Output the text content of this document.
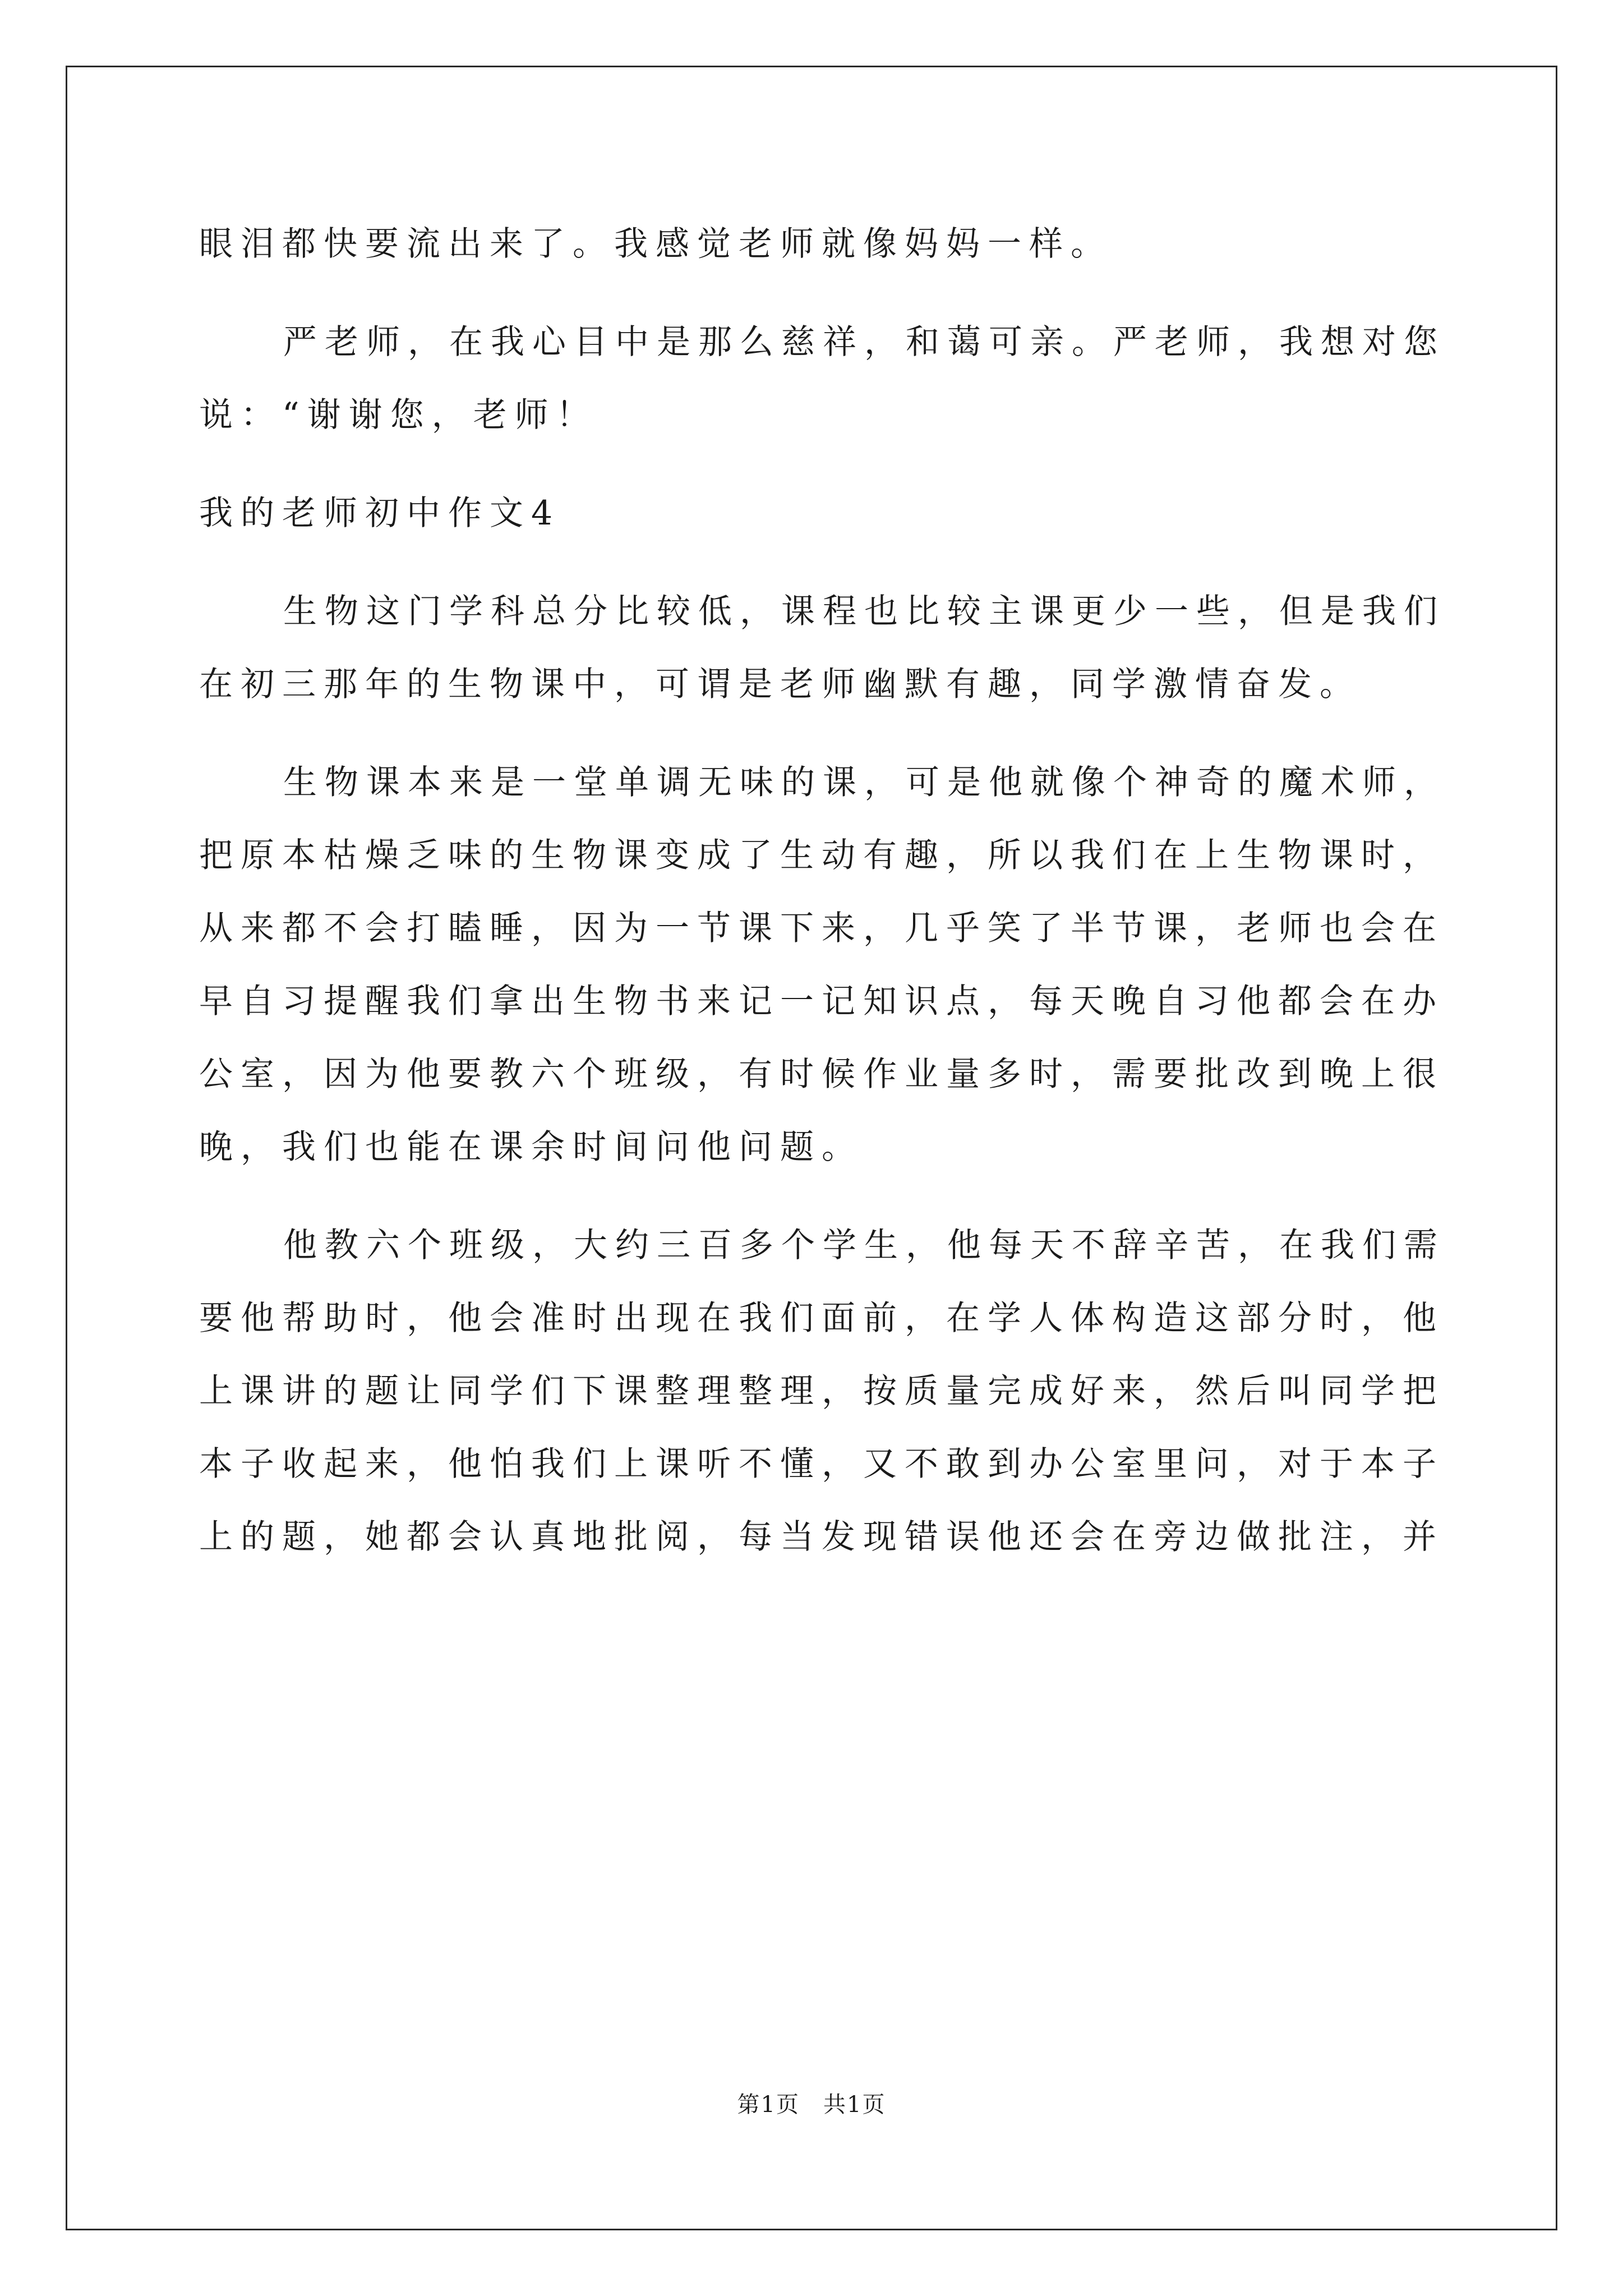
眼泪都快要流出来了。我感觉老师就像妈妈一样。
严老师，在我心目中是那么慈祥，和蔼可亲。严老师，我想对您
说：“谢谢您，老师！
我的老师初中作文4
生物这门学科总分比较低，课程也比较主课更少一些，但是我们
在初三那年的生物课中，可谓是老师幽默有趣，同学激情奋发。
生物课本来是一堂单调无味的课，可是他就像个神奇的魔术师，
把原本枯燥乏味的生物课变成了生动有趣，所以我们在上生物课时，
从来都不会打瞌睡，因为一节课下来，几乎笑了半节课，老师也会在
早自习提醒我们拿出生物书来记一记知识点，每天晚自习他都会在办
公室，因为他要教六个班级，有时候作业量多时，需要批改到晚上很
晚，我们也能在课余时间问他问题。
他教六个班级，大约三百多个学生，他每天不辞辛苦，在我们需
要他帮助时，他会准时出现在我们面前，在学人体构造这部分时，他
上课讲的题让同学们下课整理整理，按质量完成好来，然后叫同学把
本子收起来，他怕我们上课听不懂，又不敢到办公室里问，对于本子
上的题，她都会认真地批阅，每当发现错误他还会在旁边做批注，并
第1页　共1页
